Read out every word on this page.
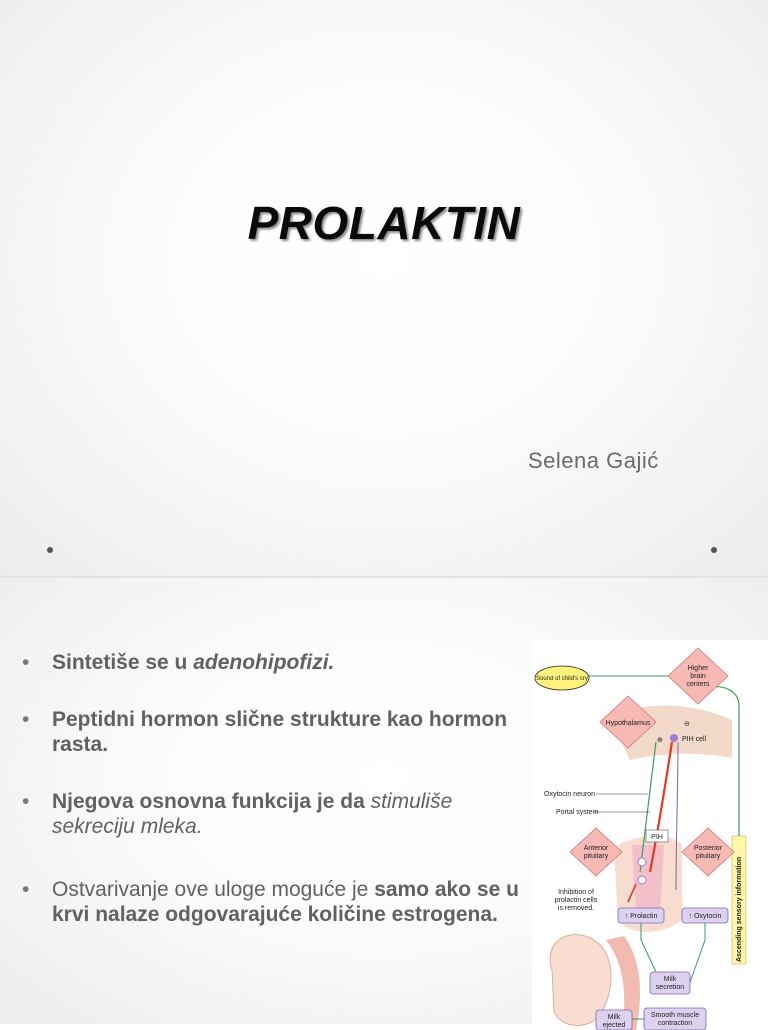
PROLAKTIN
Selena Gajić
• Sintetiše se u adenohipofizi.
• Peptidni hormon slične strukture kao hormon rasta.
• Njegova osnovna funkcija je da stimuliše sekreciju mleka.
• Ostvarivanje ove uloge moguće je samo ako se u krvi nalaze odgovarajuće količine estrogena.	Ascending sensory information
Sound of child's cry
Higher
brain
centers
Hypothalamus	⊖
⊕	PIH cell
Oxytocin neuron
Portal system
PIH
Anterior
pituitary
Posterior
pituitary
Inhibition of
prolactin cells
is removed.
↑ Prolactin	↑ Oxytocin
Milk
secretion
Smooth muscle
contraction
Milk
ejected
